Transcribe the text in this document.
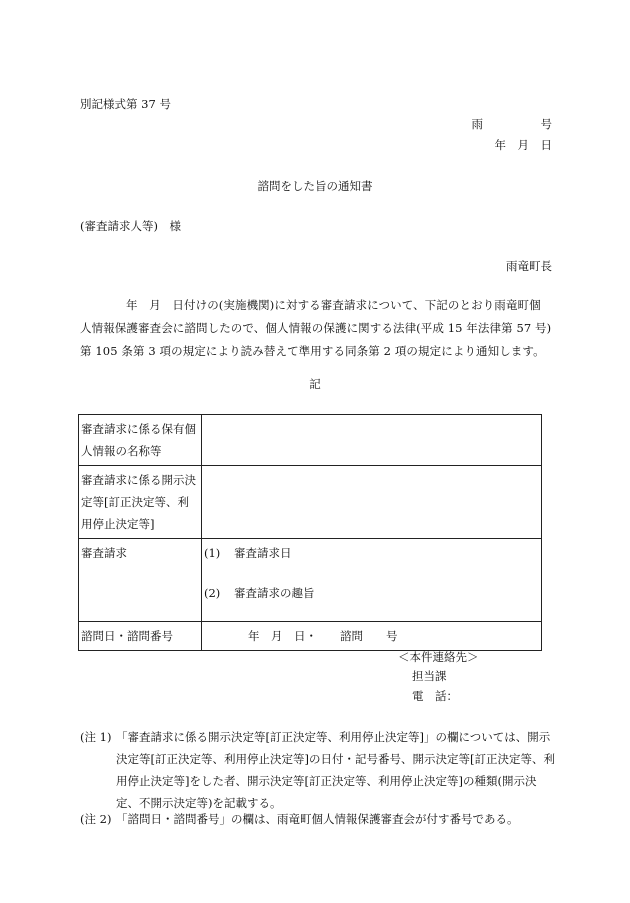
別記様式第 37 号
雨　　　　　号
年　月　日
諮問をした旨の通知書
(審査請求人等)　様
雨竜町長
年　月　日付けの(実施機関)に対する審査請求について、下記のとおり雨竜町個人情報保護審査会に諮問したので、個人情報の保護に関する法律(平成 15 年法律第 57 号)第 105 条第 3 項の規定により読み替えて準用する同条第 2 項の規定により通知します。
記
審査請求に係る保有個人情報の名称等	
審査請求に係る開示決定等[訂正決定等、利用停止決定等]	
審査請求	(1) 審査請求日
(2) 審査請求の趣旨

諮問日・諮問番号	年　月　日・　　諮問　　号
＜本件連絡先＞
担当課
電　話：
(注 1) 「審査請求に係る開示決定等[訂正決定等、利用停止決定等]」の欄については、開示決定等[訂正決定等、利用停止決定等]の日付・記号番号、開示決定等[訂正決定等、利用停止決定等]をした者、開示決定等[訂正決定等、利用停止決定等]の種類(開示決定、不開示決定等)を記載する。
(注 2) 「諮問日・諮問番号」の欄は、雨竜町個人情報保護審査会が付す番号である。
